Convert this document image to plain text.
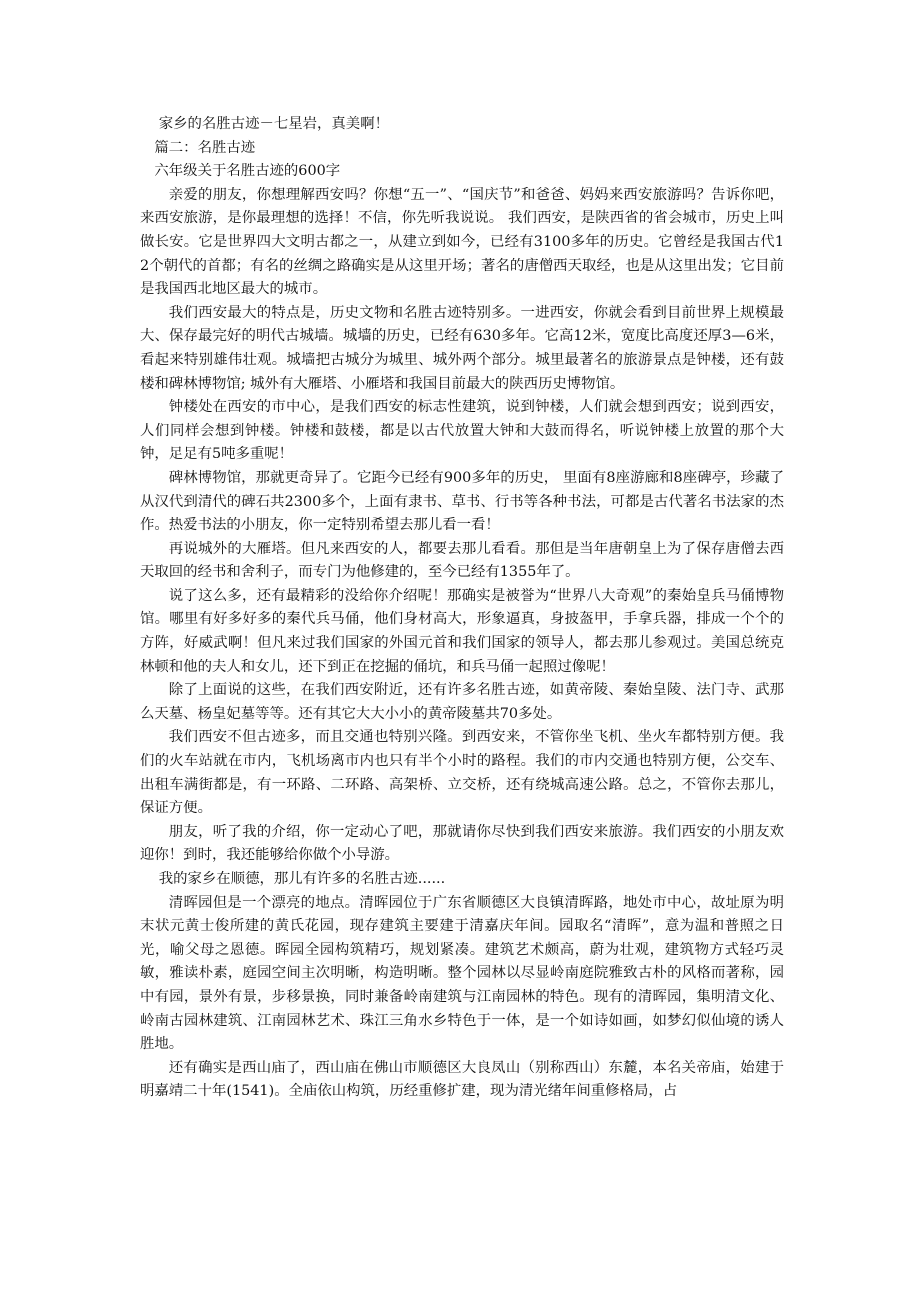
家乡的名胜古迹－七星岩，真美啊！

篇二：名胜古迹

六年级关于名胜古迹的600字

亲爱的朋友，你想理解西安吗？你想“五一”、“国庆节”和爸爸、妈妈来西安旅游吗？告诉你吧，来西安旅游，是你最理想的选择！不信，你先听我说说。 我们西安，是陕西省的省会城市，历史上叫做长安。它是世界四大文明古都之一，从建立到如今，已经有3100多年的历史。它曾经是我国古代12个朝代的首都；有名的丝绸之路确实是从这里开场；著名的唐僧西天取经，也是从这里出发；它目前是我国西北地区最大的城市。

我们西安最大的特点是，历史文物和名胜古迹特别多。一进西安，你就会看到目前世界上规模最大、保存最完好的明代古城墙。城墙的历史，已经有630多年。它高12米，宽度比高度还厚3—6米，看起来特别雄伟壮观。城墙把古城分为城里、城外两个部分。城里最著名的旅游景点是钟楼，还有鼓楼和碑林博物馆; 城外有大雁塔、小雁塔和我国目前最大的陕西历史博物馆。

钟楼处在西安的市中心，是我们西安的标志性建筑，说到钟楼，人们就会想到西安；说到西安，人们同样会想到钟楼。钟楼和鼓楼，都是以古代放置大钟和大鼓而得名，听说钟楼上放置的那个大钟，足足有5吨多重呢！

碑林博物馆，那就更奇异了。它距今已经有900多年的历史， 里面有8座游廊和8座碑亭，珍藏了从汉代到清代的碑石共2300多个，上面有隶书、草书、行书等各种书法，可都是古代著名书法家的杰作。热爱书法的小朋友，你一定特别希望去那儿看一看！

再说城外的大雁塔。但凡来西安的人，都要去那儿看看。那但是当年唐朝皇上为了保存唐僧去西天取回的经书和舍利子，而专门为他修建的，至今已经有1355年了。

说了这么多，还有最精彩的没给你介绍呢！那确实是被誉为“世界八大奇观”的秦始皇兵马俑博物馆。哪里有好多好多的秦代兵马俑，他们身材高大，形象逼真，身披盔甲，手拿兵器，排成一个个的方阵，好威武啊！但凡来过我们国家的外国元首和我们国家的领导人，都去那儿参观过。美国总统克林顿和他的夫人和女儿，还下到正在挖掘的俑坑，和兵马俑一起照过像呢！

除了上面说的这些，在我们西安附近，还有许多名胜古迹，如黄帝陵、秦始皇陵、法门寺、武那么天墓、杨皇妃墓等等。还有其它大大小小的黄帝陵墓共70多处。

我们西安不但古迹多，而且交通也特别兴隆。到西安来，不管你坐飞机、坐火车都特别方便。我们的火车站就在市内，飞机场离市内也只有半个小时的路程。我们的市内交通也特别方便，公交车、出租车满街都是，有一环路、二环路、高架桥、立交桥，还有绕城高速公路。总之，不管你去那儿，保证方便。

朋友，听了我的介绍，你一定动心了吧，那就请你尽快到我们西安来旅游。我们西安的小朋友欢迎你！到时，我还能够给你做个小导游。

我的家乡在顺德，那儿有许多的名胜古迹......

清晖园但是一个漂亮的地点。清晖园位于广东省顺德区大良镇清晖路，地处市中心，故址原为明末状元黄士俊所建的黄氏花园，现存建筑主要建于清嘉庆年间。园取名“清晖”，意为温和普照之日光，喻父母之恩德。晖园全园构筑精巧，规划紧凑。建筑艺术颇高，蔚为壮观，建筑物方式轻巧灵敏，雅读朴素，庭园空间主次明晰，构造明晰。整个园林以尽显岭南庭院雅致古朴的风格而著称，园中有园，景外有景，步移景换，同时兼备岭南建筑与江南园林的特色。现有的清晖园，集明清文化、岭南古园林建筑、江南园林艺术、珠江三角水乡特色于一体，是一个如诗如画，如梦幻似仙境的诱人胜地。

还有确实是西山庙了，西山庙在佛山市顺德区大良凤山（别称西山）东麓，本名关帝庙，始建于明嘉靖二十年(1541)。全庙依山构筑，历经重修扩建，现为清光绪年间重修格局，占
